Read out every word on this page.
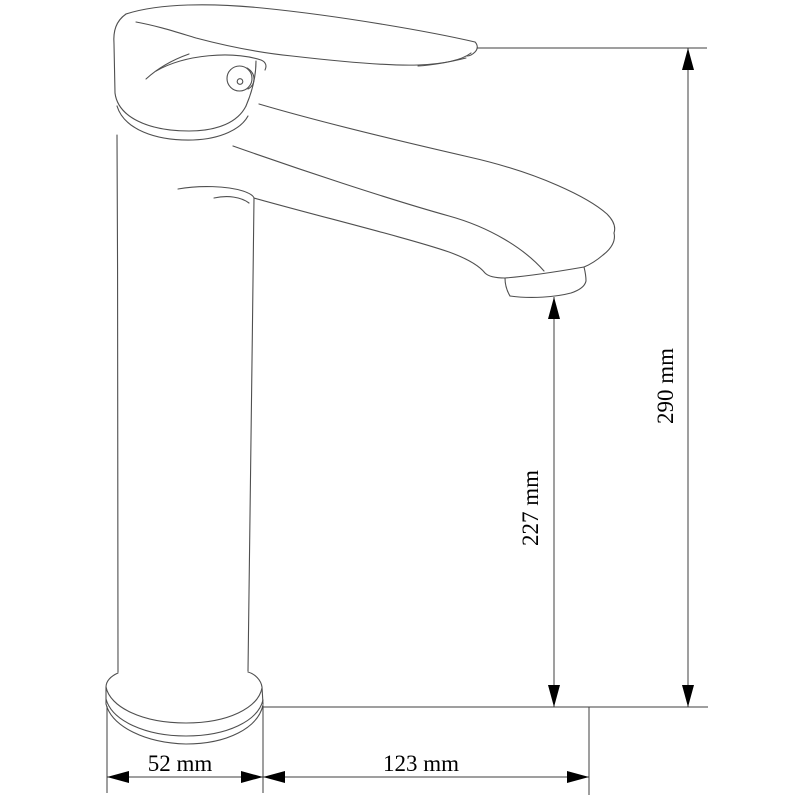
290 mm
227 mm
52 mm	123 mm
